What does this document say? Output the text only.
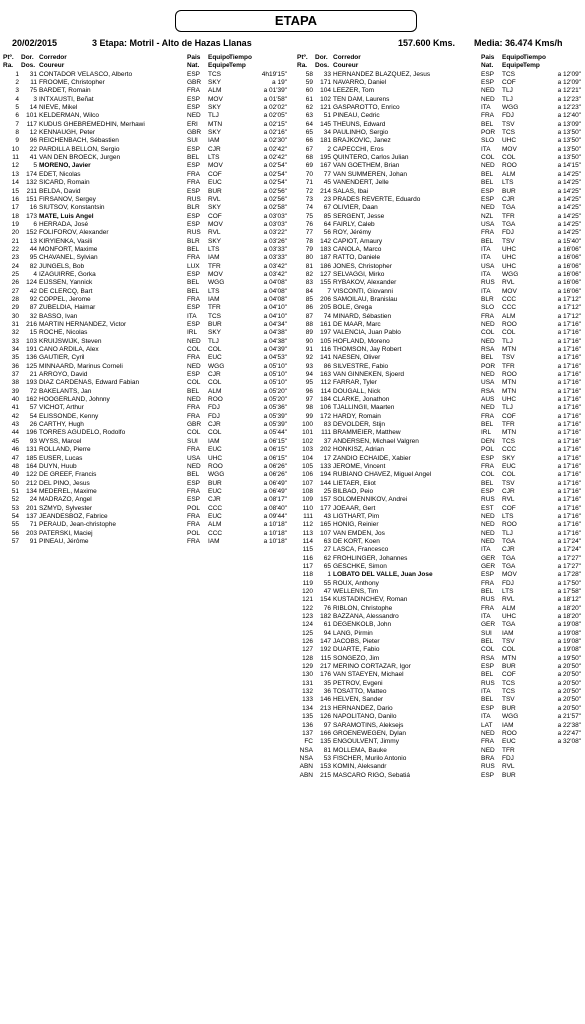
ETAPA
20/02/2015	3 Etapa: Motril - Alto de Hazas Llanas	157.600 Kms. Media: 36.474 Kms/h
Ptº.

Ra.
Dor.

Dos.
Corredor

Coureur
Pais

Nat.
Equipo

Equipe
Tiempo

Temp
1	31 CONTADOR VELASCO, Alberto	ESP TCS	4h19'15"
2	11 FROOME, Christopher	GBR SKY	a 19"
3	75 BARDET, Romain	FRA ALM	a 01'39"
4	3 INTXAUSTI, Beñat	ESP MOV	a 01'58"
5	14 NIEVE, Mikel	ESP SKY	a 02'02"
6	101 KELDERMAN, Wilco	NED TLJ	a 02'05"
7	117 KUDUS GHEBREMEDHIN, Merhawi	ERI MTN	a 02'15"
8	12 KENNAUGH, Peter	GBR SKY	a 02'16"
9	96 REICHENBACH, Sébastien	SUI IAM	a 02'30"
10	22 PARDILLA BELLÓN, Sergio	ESP CJR	a 02'42"
11	41 VAN DEN BROECK, Jurgen	BEL LTS	a 02'42"
12	5 MORENO, Javier	ESP MOV	a 02'54"
13	174 EDET, Nicolas	FRA COF	a 02'54"
14	132 SICARD, Romain	FRA EUC	a 02'54"
15	211 BELDA, David	ESP BUR	a 02'56"
16	151 FIRSANOV, Sergey	RUS RVL	a 02'56"
17	16 SIUTSOV, Konstantsin	BLR SKY	a 02'58"
18	173 MATE, Luis Angel	ESP COF	a 03'03"
19	6 HERRADA, José	ESP MOV	a 03'03"
20	152 FOLIFOROV, Alexander	RUS RVL	a 03'22"
21	13 KIRYIENKA, Vasili	BLR SKY	a 03'26"
22	44 MONFORT, Maxime	BEL LTS	a 03'33"
23	95 CHAVANEL, Sylvian	FRA IAM	a 03'33"
24	82 JUNGELS, Bob	LUX TFR	a 03'42"
25	4 IZAGUIRRE, Gorka	ESP MOV	a 03'42"
26	124 EIJSSEN, Yannick	BEL WGG	a 04'08"
27	42 DE CLERCQ, Bart	BEL LTS	a 04'08"
28	92 COPPEL, Jerome	FRA IAM	a 04'08"
29	87 ZUBELDIA, Haimar	ESP TFR	a 04'10"
30	32 BASSO, Ivan	ITA TCS	a 04'10"
31	216 MARTIN HERNANDEZ, Victor	ESP BUR	a 04'34"
32	15 ROCHE, Nicolas	IRL SKY	a 04'38"
33	103 KRUIJSWIJK, Steven	NED TLJ	a 04'38"
34	191 CANO ARDILA, Alex	COL COL	a 04'39"
35	136 GAUTIER, Cyril	FRA EUC	a 04'53"
36	125 MINNAARD, Marinus Corneli	NED WGG	a 05'10"
37	21 ARROYO, David	ESP CJR	a 05'10"
38	193 DIAZ CARDENAS, Edward Fabian	COL COL	a 05'10"
39	72 BAKELANTS, Jan	BEL ALM	a 05'20"
40	162 HOOGERLAND, Johnny	NED ROO	a 05'20"
41	57 VICHOT, Arthur	FRA FDJ	a 05'36"
42	54 ELISSONDE, Kenny	FRA FDJ	a 05'39"
43	26 CARTHY, Hugh	GBR CJR	a 05'39"
44	196 TORRES AGUDELO, Rodolfo	COL COL	a 05'44"
45	93 WYSS, Marcel	SUI IAM	a 06'15"
46	131 ROLLAND, Pierre	FRA EUC	a 06'15"
47	185 EUSER, Lucas	USA UHC	a 06'15"
48	164 DUYN, Huub	NED ROO	a 06'26"
49	122 DE GREEF, Francis	BEL WGG	a 06'26"
50	212 DEL PINO, Jesus	ESP BUR	a 06'49"
51	134 MEDEREL, Maxime	FRA EUC	a 06'49"
52	24 MADRAZO, Ángel	ESP CJR	a 08'17"
53	201 SZMYD, Sylvester	POL CCC	a 08'40"
54	137 JEANDESBOZ, Fabrice	FRA EUC	a 09'44"
55	71 PERAUD, Jean-christophe	FRA ALM	a 10'18"
56	203 PATERSKI, Maciej	POL CCC	a 10'18"
57	91 PINEAU, Jérôme	FRA IAM	a 10'18"
Ptº.

Ra.
Dor.

Dos.
Corredor

Coureur
Pais

Nat.
Equipo

Equipe
Tiempo

Temp
58	33 HERNANDEZ BLAZQUEZ, Jesus	ESP TCS	a 12'09"
59	171 NAVARRO, Daniel	ESP COF	a 12'09"
60	104 LEEZER, Tom	NED TLJ	a 12'21"
61	102 TEN DAM, Laurens	NED TLJ	a 12'23"
62	121 GASPAROTTO, Enrico	ITA WGG	a 12'23"
63	51 PINEAU, Cedric	FRA FDJ	a 12'40"
64	145 THEUNS, Edward	BEL TSV	a 13'09"
65	34 PAULINHO, Sergio	POR TCS	a 13'50"
66	181 BRAJKOVIC, Janez	SLO UHC	a 13'50"
67	2 CAPECCHI, Eros	ITA MOV	a 13'50"
68	195 QUINTERO, Carlos Julian	COL COL	a 13'50"
69	167 VAN GOETHEM, Brian	NED ROO	a 14'15"
70	77 VAN SUMMEREN, Johan	BEL ALM	a 14'25"
71	45 VANENDERT, Jelle	BEL LTS	a 14'25"
72	214 SALAS, Ibai	ESP BUR	a 14'25"
73	23 PRADES REVERTE, Eduardo	ESP CJR	a 14'25"
74	67 OLIVIER, Daan	NED TGA	a 14'25"
75	85 SERGENT, Jesse	NZL TFR	a 14'25"
76	64 FAIRLY, Caleb	USA TGA	a 14'25"
77	56 ROY, Jérémy	FRA FDJ	a 14'25"
78	142 CAPIOT, Amaury	BEL TSV	a 15'40"
79	183 CANOLA, Marco	ITA UHC	a 16'06"
80	187 RATTO, Daniele	ITA UHC	a 16'06"
81	186 JONES, Christopher	USA UHC	a 16'06"
82	127 SELVAGGI, Mirko	ITA WGG	a 16'06"
83	155 RYBAKOV, Alexander	RUS RVL	a 16'06"
84	7 VISCONTI, Giovanni	ITA MOV	a 16'06"
85	206 SAMOILAU, Branislau	BLR CCC	a 17'12"
86	205 BOLE, Grega	SLO CCC	a 17'12"
87	74 MINARD, Sébastien	FRA ALM	a 17'12"
88	161 DE MAAR, Marc	NED ROO	a 17'16"
89	197 VALENCIA, Juan Pablo	COL COL	a 17'16"
90	105 HOFLAND, Moreno	NED TLJ	a 17'16"
91	116 THOMSON, Jay Robert	RSA MTN	a 17'16"
92	141 NAESEN, Oliver	BEL TSV	a 17'16"
93	86 SILVESTRE, Fabio	POR TFR	a 17'16"
94	163 VAN GINNEKEN, Sjoerd	NED ROO	a 17'16"
95	112 FARRAR, Tyler	USA MTN	a 17'16"
96	114 DOUGALL, Nick	RSA MTN	a 17'16"
97	184 CLARKE, Jonathon	AUS UHC	a 17'16"
98	106 TJALLINGII, Maarten	NED TLJ	a 17'16"
99	172 HARDY, Romain	FRA COF	a 17'16"
100	83 DEVOLDER, Stijn	BEL TFR	a 17'16"
101	111 BRAMMEIER, Matthew	IRL MTN	a 17'16"
102	37 ANDERSEN, Michael Valgren	DEN TCS	a 17'16"
103	202 HONKISZ, Adrian	POL CCC	a 17'16"
104	17 ZANDIO ECHAIDE, Xabier	ESP SKY	a 17'16"
105	133 JEROME, Vincent	FRA EUC	a 17'16"
106	194 RUBIANO CHAVEZ, Miguel Angel	COL COL	a 17'16"
107	144 LIETAER, Eliot	BEL TSV	a 17'16"
108	25 BILBAO, Peio	ESP CJR	a 17'16"
109	157 SOLOMENNIKOV, Andrei	RUS RVL	a 17'16"
110	177 JOEAAR, Gert	EST COF	a 17'16"
111	43 LIGTHART, Pim	NED LTS	a 17'16"
112	165 HONIG, Reinier	NED ROO	a 17'16"
113	107 VAN EMDEN, Jos	NED TLJ	a 17'16"
114	63 DE KORT, Koen	NED TGA	a 17'24"
115	27 LASCA, Francesco	ITA CJR	a 17'24"
116	62 FRÖHLINGER, Johannes	GER TGA	a 17'27"
117	65 GESCHKE, Simon	GER TGA	a 17'27"
118	1 LOBATO DEL VALLE, Juan Jose	ESP MOV	a 17'28"
119	55 ROUX, Anthony	FRA FDJ	a 17'50"
120	47 WELLENS, Tim	BEL LTS	a 17'58"
121	154 KUSTADINCHEV, Roman	RUS RVL	a 18'12"
122	76 RIBLON, Christophe	FRA ALM	a 18'20"
123	182 BAZZANA, Alessandro	ITA UHC	a 18'20"
124	61 DEGENKOLB, John	GER TGA	a 19'08"
125	94 LANG, Pirmin	SUI IAM	a 19'08"
126	147 JACOBS, Pieter	BEL TSV	a 19'08"
127	192 DUARTE, Fabio	COL COL	a 19'08"
128	115 SONGEZO, Jim	RSA MTN	a 19'50"
129	217 MERINO CORTAZAR, Igor	ESP BUR	a 20'50"
130	176 VAN STAEYEN, Michael	BEL COF	a 20'50"
131	35 PETROV, Evgeni	RUS TCS	a 20'50"
132	36 TOSATTO, Matteo	ITA TCS	a 20'50"
133	146 HELVEN, Sander	BEL TSV	a 20'50"
134	213 HERNANDEZ, Dario	ESP BUR	a 20'50"
135	126 NAPOLITANO, Danilo	ITA WGG	a 21'57"
136	97 SARAMOTINS, Aleksejs	LAT IAM	a 22'38"
137	166 GROENEWEGEN, Dylan	NED ROO	a 22'47"
FC	135 ENGOULVENT, Jimmy	FRA EUC	a 32'08"
NSA	81 MOLLEMA, Bauke	NED TFR
NSA	53 FISCHER, Murilo Antonio	BRA FDJ
ABN	153 KOMIN, Aleksandr	RUS RVL
ABN	215 MASCARO RIGO, Sebatiá	ESP BUR
